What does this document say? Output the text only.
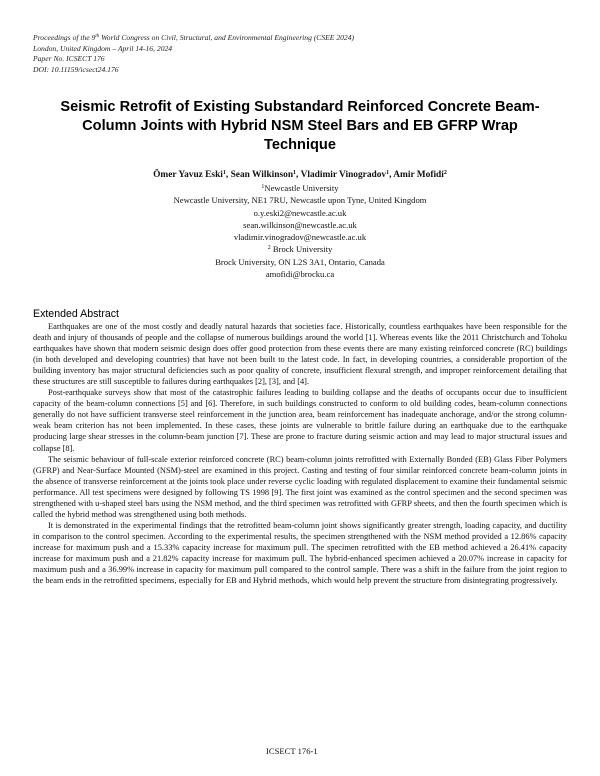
Proceedings of the 9th World Congress on Civil, Structural, and Environmental Engineering (CSEE 2024)
London, United Kingdom – April 14-16, 2024
Paper No. ICSECT 176
DOI: 10.11159/icsect24.176
Seismic Retrofit of Existing Substandard Reinforced Concrete Beam-
Column Joints with Hybrid NSM Steel Bars and EB GFRP Wrap
Technique
Ömer Yavuz Eski$^1$, Sean Wilkinson$^1$, Vladimir Vinogradov$^1$, Amir Mofidi$^2$
$^1$Newcastle University
Newcastle University, NE1 7RU, Newcastle upon Tyne, United Kingdom
o.y.eski2@newcastle.ac.uk
sean.wilkinson@newcastle.ac.uk
vladimir.vinogradov@newcastle.ac.uk
$^2$ Brock University
Brock University, ON L2S 3A1, Ontario, Canada
amofidi@brocku.ca
Extended Abstract

Earthquakes are one of the most costly and deadly natural hazards that societies face. Historically, countless earthquakes have been responsible for the death and injury of thousands of people and the collapse of numerous buildings around the world [1]. Whereas events like the 2011 Christchurch and Tohoku earthquakes have shown that modern seismic design does offer good protection from these events there are many existing reinforced concrete (RC) buildings (in both developed and developing countries) that have not been built to the latest code. In fact, in developing countries, a considerable proportion of the building inventory has major structural deficiencies such as poor quality of concrete, insufficient flexural strength, and improper reinforcement detailing that these structures are still susceptible to failures during earthquakes [2], [3], and [4].

Post-earthquake surveys show that most of the catastrophic failures leading to building collapse and the deaths of occupants occur due to insufficient capacity of the beam-column connections [5] and [6]. Therefore, in such buildings constructed to conform to old building codes, beam-column connections generally do not have sufficient transverse steel reinforcement in the junction area, beam reinforcement has inadequate anchorage, and/or the strong column-weak beam criterion has not been implemented. In these cases, these joints are vulnerable to brittle failure during an earthquake due to the earthquake producing large shear stresses in the column-beam junction [7]. These are prone to fracture during seismic action and may lead to major structural issues and collapse [8].

The seismic behaviour of full-scale exterior reinforced concrete (RC) beam-column joints retrofitted with Externally Bonded (EB) Glass Fiber Polymers (GFRP) and Near-Surface Mounted (NSM)-steel are examined in this project. Casting and testing of four similar reinforced concrete beam-column joints in the absence of transverse reinforcement at the joints took place under reverse cyclic loading with regulated displacement to examine their fundamental seismic performance. All test specimens were designed by following TS 1998 [9]. The first joint was examined as the control specimen and the second specimen was strengthened with u-shaped steel bars using the NSM method, and the third specimen was retrofitted with GFRP sheets, and then the fourth specimen which is called the hybrid method was strengthened using both methods.

It is demonstrated in the experimental findings that the retrofitted beam-column joint shows significantly greater strength, loading capacity, and ductility in comparison to the control specimen. According to the experimental results, the specimen strengthened with the NSM method provided a 12.86% capacity increase for maximum push and a 15.33% capacity increase for maximum pull. The specimen retrofitted with the EB method achieved a 26.41% capacity increase for maximum push and a 21.82% capacity increase for maximum pull. The hybrid-enhanced specimen achieved a 20.07% increase in capacity for maximum push and a 36.99% increase in capacity for maximum pull compared to the control sample. There was a shift in the failure from the joint region to the beam ends in the retrofitted specimens, especially for EB and Hybrid methods, which would help prevent the structure from disintegrating progressively.

ICSECT 176-1
